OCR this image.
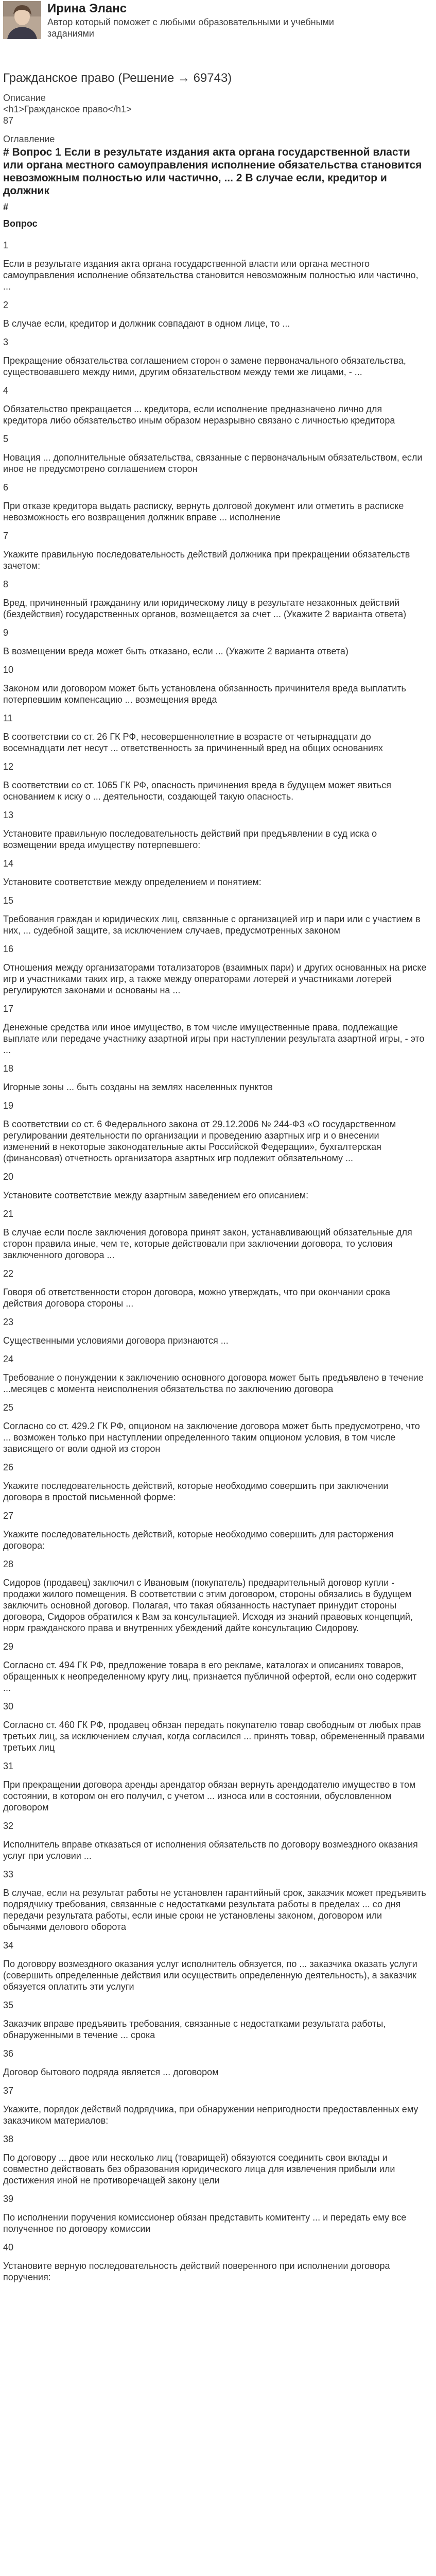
Ирина Эланс
Автор который поможет с любыми образовательными и учебными заданиями
Гражданское право (Решение → 69743)
Описание
<h1>Гражданское право</h1>
87
Оглавление
# Вопрос 1 Если в результате издания акта органа государственной власти или органа местного самоуправления исполнение обязательства становится невозможным полностью или частично, ... 2 В случае если, кредитор и должник
#
Вопрос
1
Если в результате издания акта органа государственной власти или органа местного самоуправления исполнение обязательства становится невозможным полностью или частично, ...
2
В случае если, кредитор и должник совпадают в одном лице, то ...
3
Прекращение обязательства соглашением сторон о замене первоначального обязательства, существовавшего между ними, другим обязательством между теми же лицами, - ...
4
Обязательство прекращается ... кредитора, если исполнение предназначено лично для кредитора либо обязательство иным образом неразрывно связано с личностью кредитора
5
Новация ... дополнительные обязательства, связанные с первоначальным обязательством, если иное не предусмотрено соглашением сторон
6
При отказе кредитора выдать расписку, вернуть долговой документ или отметить в расписке невозможность его возвращения должник вправе ... исполнение
7
Укажите правильную последовательность действий должника при прекращении обязательств зачетом:
8
Вред, причиненный гражданину или юридическому лицу в результате незаконных действий (бездействия) государственных органов, возмещается за счет ... (Укажите 2 варианта ответа)
9
В возмещении вреда может быть отказано, если ... (Укажите 2 варианта ответа)
10
Законом или договором может быть установлена обязанность причинителя вреда выплатить потерпевшим компенсацию ... возмещения вреда
11
В соответствии со ст. 26 ГК РФ, несовершеннолетние в возрасте от четырнадцати до восемнадцати лет несут ... ответственность за причиненный вред на общих основаниях
12
В соответствии со ст. 1065 ГК РФ, опасность причинения вреда в будущем может явиться основанием к иску о ... деятельности, создающей такую опасность.
13
Установите правильную последовательность действий при предъявлении в суд иска о возмещении вреда имуществу потерпевшего:
14
Установите соответствие между определением и понятием:
15
Требования граждан и юридических лиц, связанные с организацией игр и пари или с участием в них, ... судебной защите, за исключением случаев, предусмотренных законом
16
Отношения между организаторами тотализаторов (взаимных пари) и других основанных на риске игр и участниками таких игр, а также между операторами лотерей и участниками лотерей регулируются законами и основаны на ...
17
Денежные средства или иное имущество, в том числе имущественные права, подлежащие выплате или передаче участнику азартной игры при наступлении результата азартной игры, - это ...
18
Игорные зоны ... быть созданы на землях населенных пунктов
19
В соответствии со ст. 6 Федерального закона от 29.12.2006 № 244-ФЗ «О государственном регулировании деятельности по организации и проведению азартных игр и о внесении изменений в некоторые законодательные акты Российской Федерации», бухгалтерская (финансовая) отчетность организатора азартных игр подлежит обязательному ...
20
Установите соответствие между азартным заведением его описанием:
21
В случае если после заключения договора принят закон, устанавливающий обязательные для сторон правила иные, чем те, которые действовали при заключении договора, то условия заключенного договора ...
22
Говоря об ответственности сторон договора, можно утверждать, что при окончании срока действия договора стороны ...
23
Существенными условиями договора признаются ...
24
Требование о понуждении к заключению основного договора может быть предъявлено в течение ...месяцев с момента неисполнения обязательства по заключению договора
25
Согласно со ст. 429.2 ГК РФ, опционом на заключение договора может быть предусмотрено, что ... возможен только при наступлении определенного таким опционом условия, в том числе зависящего от воли одной из сторон
26
Укажите последовательность действий, которые необходимо совершить при заключении договора в простой письменной форме:
27
Укажите последовательность действий, которые необходимо совершить для расторжения договора:
28
Сидоров (продавец) заключил с Ивановым (покупатель) предварительный договор купли - продажи жилого помещения. В соответствии с этим договором, стороны обязались в будущем заключить основной договор. Полагая, что такая обязанность наступает принудит стороны договора, Сидоров обратился к Вам за консультацией. Исходя из знаний правовых концепций, норм гражданского права и внутренних убеждений дайте консультацию Сидорову.
29
Согласно ст. 494 ГК РФ, предложение товара в его рекламе, каталогах и описаниях товаров, обращенных к неопределенному кругу лиц, признается публичной офертой, если оно содержит ...
30
Согласно ст. 460 ГК РФ, продавец обязан передать покупателю товар свободным от любых прав третьих лиц, за исключением случая, когда согласился ... принять товар, обремененный правами третьих лиц
31
При прекращении договора аренды арендатор обязан вернуть арендодателю имущество в том состоянии, в котором он его получил, с учетом ... износа или в состоянии, обусловленном договором
32
Исполнитель вправе отказаться от исполнения обязательств по договору возмездного оказания услуг при условии ...
33
В случае, если на результат работы не установлен гарантийный срок, заказчик может предъявить подрядчику требования, связанные с недостатками результата работы в пределах ... со дня передачи результата работы, если иные сроки не установлены законом, договором или обычаями делового оборота
34
По договору возмездного оказания услуг исполнитель обязуется, по ... заказчика оказать услуги (совершить определенные действия или осуществить определенную деятельность), а заказчик обязуется оплатить эти услуги
35
Заказчик вправе предъявить требования, связанные с недостатками результата работы, обнаруженными в течение ... срока
36
Договор бытового подряда является ... договором
37
Укажите, порядок действий подрядчика, при обнаружении непригодности предоставленных ему заказчиком материалов:
38
По договору ... двое или несколько лиц (товарищей) обязуются соединить свои вклады и совместно действовать без образования юридического лица для извлечения прибыли или достижения иной не противоречащей закону цели
39
По исполнении поручения комиссионер обязан представить комитенту ... и передать ему все полученное по договору комиссии
40
Установите верную последовательность действий поверенного при исполнении договора поручения:
